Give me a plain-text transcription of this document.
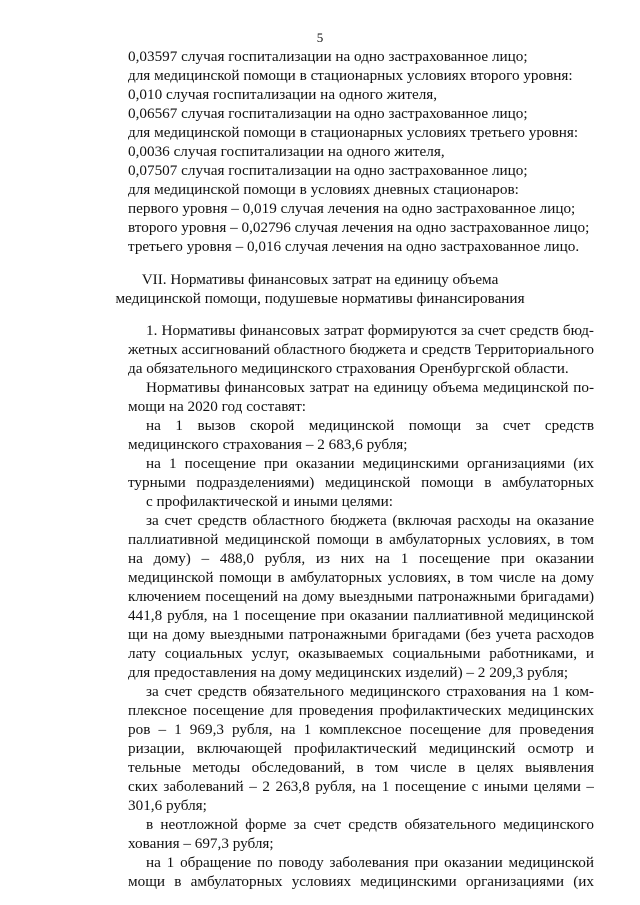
5
0,03597 случая госпитализации на одно застрахованное лицо;
для медицинской помощи в стационарных условиях второго уровня:
0,010 случая госпитализации на одного жителя,
0,06567 случая госпитализации на одно застрахованное лицо;
для медицинской помощи в стационарных условиях третьего уровня:
0,0036 случая госпитализации на одного жителя,
0,07507 случая госпитализации на одно застрахованное лицо;
для медицинской помощи в условиях дневных стационаров:
первого уровня – 0,019 случая лечения на одно застрахованное лицо;
второго уровня – 0,02796 случая лечения на одно застрахованное лицо;
третьего уровня – 0,016 случая лечения на одно застрахованное лицо.
VII. Нормативы финансовых затрат на единицу объема
медицинской помощи, подушевые нормативы финансирования
1. Нормативы финансовых затрат формируются за счет средств бюд-
жетных ассигнований областного бюджета и средств Территориального
да обязательного медицинского страхования Оренбургской области.
Нормативы финансовых затрат на единицу объема медицинской по-
мощи на 2020 год составят:
на 1 вызов скорой медицинской помощи за счет средств
медицинского страхования – 2 683,6 рубля;
на 1 посещение при оказании медицинскими организациями (их
турными подразделениями) медицинской помощи в амбулаторных
с профилактической и иными целями:
за счет средств областного бюджета (включая расходы на оказание
паллиативной медицинской помощи в амбулаторных условиях, в том
на дому) – 488,0 рубля, из них на 1 посещение при оказании
медицинской помощи в амбулаторных условиях, в том числе на дому
ключением посещений на дому выездными патронажными бригадами)
441,8 рубля, на 1 посещение при оказании паллиативной медицинской
щи на дому выездными патронажными бригадами (без учета расходов
лату социальных услуг, оказываемых социальными работниками, и
для предоставления на дому медицинских изделий) – 2 209,3 рубля;
за счет средств обязательного медицинского страхования на 1 ком-
плексное посещение для проведения профилактических медицинских
ров – 1 969,3 рубля, на 1 комплексное посещение для проведения
ризации, включающей профилактический медицинский осмотр и
тельные методы обследований, в том числе в целях выявления
ских заболеваний – 2 263,8 рубля, на 1 посещение с иными целями –
301,6 рубля;
в неотложной форме за счет средств обязательного медицинского
хования – 697,3 рубля;
на 1 обращение по поводу заболевания при оказании медицинской
мощи в амбулаторных условиях медицинскими организациями (их
